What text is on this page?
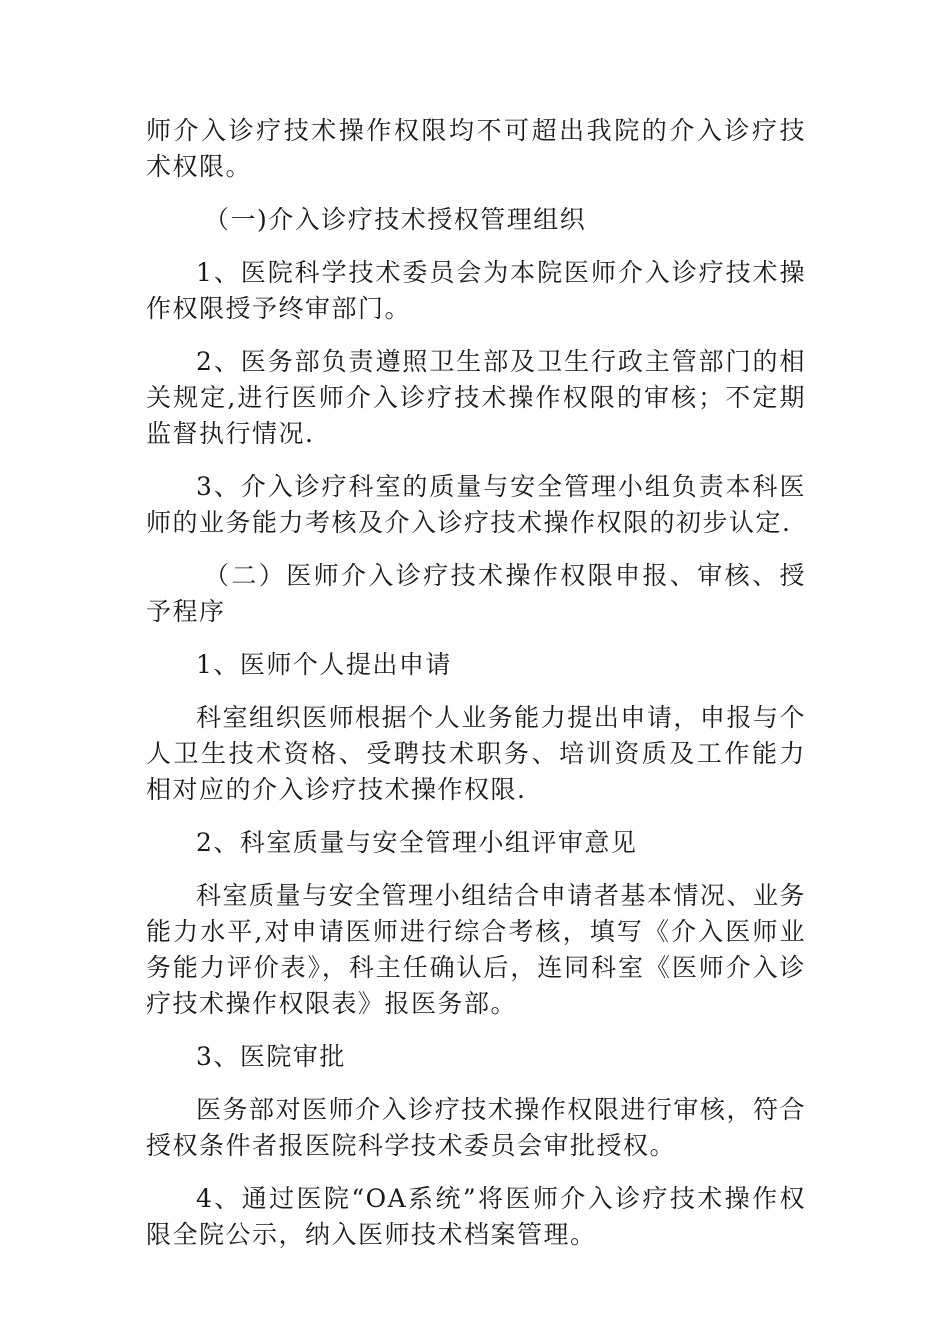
师介入诊疗技术操作权限均不可超出我院的介入诊疗技术权限。

（一)介入诊疗技术授权管理组织

1、医院科学技术委员会为本院医师介入诊疗技术操作权限授予终审部门。

2、医务部负责遵照卫生部及卫生行政主管部门的相关规定,进行医师介入诊疗技术操作权限的审核；不定期监督执行情况.

3、介入诊疗科室的质量与安全管理小组负责本科医师的业务能力考核及介入诊疗技术操作权限的初步认定.

（二）医师介入诊疗技术操作权限申报、审核、授予程序

1、医师个人提出申请

科室组织医师根据个人业务能力提出申请，申报与个人卫生技术资格、受聘技术职务、培训资质及工作能力相对应的介入诊疗技术操作权限.

2、科室质量与安全管理小组评审意见

科室质量与安全管理小组结合申请者基本情况、业务能力水平,对申请医师进行综合考核，填写《介入医师业务能力评价表》，科主任确认后，连同科室《医师介入诊疗技术操作权限表》报医务部。

3、医院审批

医务部对医师介入诊疗技术操作权限进行审核，符合授权条件者报医院科学技术委员会审批授权。

4、通过医院“OA系统”将医师介入诊疗技术操作权限全院公示，纳入医师技术档案管理。
